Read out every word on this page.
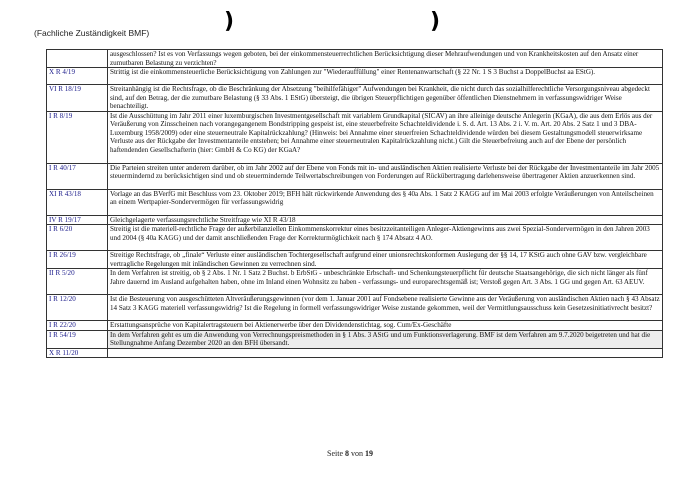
(Fachliche Zuständigkeit BMF)	)	)
	ausgeschlossen? Ist es von Verfassungs wegen geboten, bei der einkommensteuerrechtlichen Berücksichtigung dieser Mehraufwendungen und von Krankheitskosten auf den Ansatz einer zumutbaren Belastung zu verzichten?
X R 4/19	Strittig ist die einkommensteuerliche Berücksichtigung von Zahlungen zur "Wiederauffüllung" einer Rentenanwartschaft (§ 22 Nr. 1 S 3 Buchst a DoppelBuchst aa EStG).
VI R 18/19	Streitanhängig ist die Rechtsfrage, ob die Beschränkung der Absetzung "beihilfefähiger" Aufwendungen bei Krankheit, die nicht durch das sozialhilferechtliche Versorgungsniveau abgedeckt sind, auf den Betrag, der die zumutbare Belastung (§ 33 Abs. 1 EStG) übersteigt, die übrigen Steuerpflichtigen gegenüber öffentlichen Dienstnehmern in verfassungswidriger Weise benachteiligt.
I R 8/19	Ist die Ausschüttung im Jahr 2011 einer luxemburgischen Investmentgesellschaft mit variablem Grundkapital (SICAV) an ihre alleinige deutsche Anlegerin (KGaA), die aus dem Erlös aus der Veräußerung von Zinsscheinen nach vorangegangenem Bondstripping gespeist ist, eine steuerbefreite Schachteldividende i. S. d. Art. 13 Abs. 2 i. V. m. Art. 20 Abs. 2 Satz 1 und 3 DBA-Luxemburg 1958/2009) oder eine steuerneutrale Kapitalrückzahlung? (Hinweis: bei Annahme einer steuerfreien Schachteldividende würden bei diesem Gestaltungsmodell steuerwirksame Verluste aus der Rückgabe der Investmentanteile entstehen; bei Annahme einer steuerneutralen Kapitalrückzahlung nicht.) Gilt die Steuerbefreiung auch auf der Ebene der persönlich haftendenden Gesellschafterin (hier: GmbH & Co KG) der KGaA?
I R 40/17	Die Parteien streiten unter anderem darüber, ob im Jahr 2002 auf der Ebene von Fonds mit in- und ausländischen Aktien realisierte Verluste bei der Rückgabe der Investmentanteile im Jahr 2005 steuermindernd zu berücksichtigen sind und ob steuermindernde Teilwertabschreibungen von Forderungen auf Rückübertragung darlehensweise übertragener Aktien anzuerkennen sind.
XI R 43/18	Vorlage an das BVerfG mit Beschluss vom 23. Oktober 2019; BFH hält rückwirkende Anwendung des § 40a Abs. 1 Satz 2 KAGG auf im Mai 2003 erfolgte Veräußerungen von Anteilscheinen an einem Wertpapier-Sondervermögen für verfassungswidrig
IV R 19/17	Gleichgelagerte verfassungsrechtliche Streitfrage wie XI R 43/18
I R 6/20	Streitig ist die materiell-rechtliche Frage der außerbilanziellen Einkommenskorrektur eines besitzzeitanteiligen Anleger-Aktiengewinns aus zwei Spezial-Sondervermögen in den Jahren 2003 und 2004 (§ 40a KAGG) und der damit anschließenden Frage der Korrekturmöglichkeit nach § 174 Absatz 4 AO.
I R 26/19	Streitige Rechtsfrage, ob „finale“ Verluste einer ausländischen Tochtergesellschaft aufgrund einer unionsrechtskonformen Auslegung der §§ 14, 17 KStG auch ohne GAV bzw. vergleichbare vertragliche Regelungen mit inländischen Gewinnen zu verrechnen sind.
II R 5/20	In dem Verfahren ist streitig, ob § 2 Abs. 1 Nr. 1 Satz 2 Buchst. b ErbStG - unbeschränkte Erbschaft- und Schenkungsteuerpflicht für deutsche Staatsangehörige, die sich nicht länger als fünf Jahre dauernd im Ausland aufgehalten haben, ohne im Inland einen Wohnsitz zu haben - verfassungs- und europarechtsgemäß ist; Verstoß gegen Art. 3 Abs. 1 GG und gegen Art. 63 AEUV.
I R 12/20	Ist die Besteuerung von ausgeschütteten Altveräußerungsgewinnen (vor dem 1. Januar 2001 auf Fondsebene realisierte Gewinne aus der Veräußerung von ausländischen Aktien nach § 43 Absatz 14 Satz 3 KAGG materiell verfassungswidrig? Ist die Regelung in formell verfassungswidriger Weise zustande gekommen, weil der Vermittlungsausschuss kein Gesetzesinitiativrecht besitzt?
I R 22/20	Erstattungsansprüche von Kapitalertragsteuern bei Aktienerwerbe über den Dividendenstichtag, sog. Cum/Ex-Geschäfte
I R 54/19	In dem Verfahren geht es um die Anwendung von Verrechnungspreismethoden in § 1 Abs. 3 AStG und um Funktionsverlagerung. BMF ist dem Verfahren am 9.7.2020 beigetreten und hat die Stellungnahme Anfang Dezember 2020 an den BFH übersandt.
X R 11/20	
Seite 8 von 19
